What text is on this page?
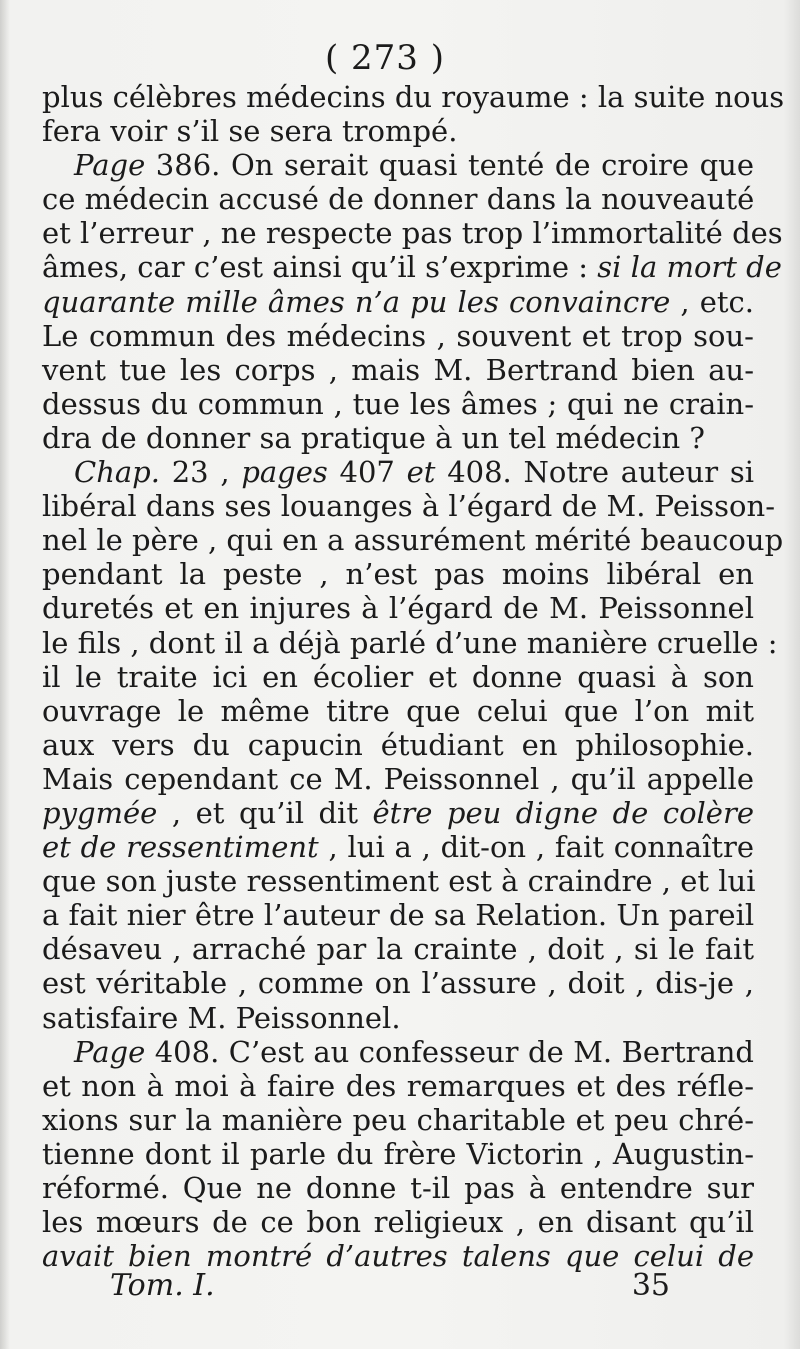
( 273 )
plus célèbres médecins du royaume : la suite nous
fera voir s’il se sera trompé.
Page 386. On serait quasi tenté de croire que
ce médecin accusé de donner dans la nouveauté
et l’erreur , ne respecte pas trop l’immortalité des
âmes, car c’est ainsi qu’il s’exprime : si la mort de
quarante mille âmes n’a pu les convaincre , etc.
Le commun des médecins , souvent et trop sou-
vent tue les corps , mais M. Bertrand bien au-
dessus du commun , tue les âmes ; qui ne crain-
dra de donner sa pratique à un tel médecin ?
Chap. 23 , pages 407 et 408. Notre auteur si
libéral dans ses louanges à l’égard de M. Peisson-
nel le père , qui en a assurément mérité beaucoup
pendant la peste , n’est pas moins libéral en
duretés et en injures à l’égard de M. Peissonnel
le fils , dont il a déjà parlé d’une manière cruelle :
il le traite ici en écolier et donne quasi à son
ouvrage le même titre que celui que l’on mit
aux vers du capucin étudiant en philosophie.
Mais cependant ce M. Peissonnel , qu’il appelle
pygmée , et qu’il dit être peu digne de colère
et de ressentiment , lui a , dit-on , fait connaître
que son juste ressentiment est à craindre , et lui
a fait nier être l’auteur de sa Relation. Un pareil
désaveu , arraché par la crainte , doit , si le fait
est véritable , comme on l’assure , doit , dis-je ,
satisfaire M. Peissonnel.
Page 408. C’est au confesseur de M. Bertrand
et non à moi à faire des remarques et des réfle-
xions sur la manière peu charitable et peu chré-
tienne dont il parle du frère Victorin , Augustin-
réformé. Que ne donne t-il pas à entendre sur
les mœurs de ce bon religieux , en disant qu’il
avait bien montré d’autres talens que celui de
Tom. I.	35
